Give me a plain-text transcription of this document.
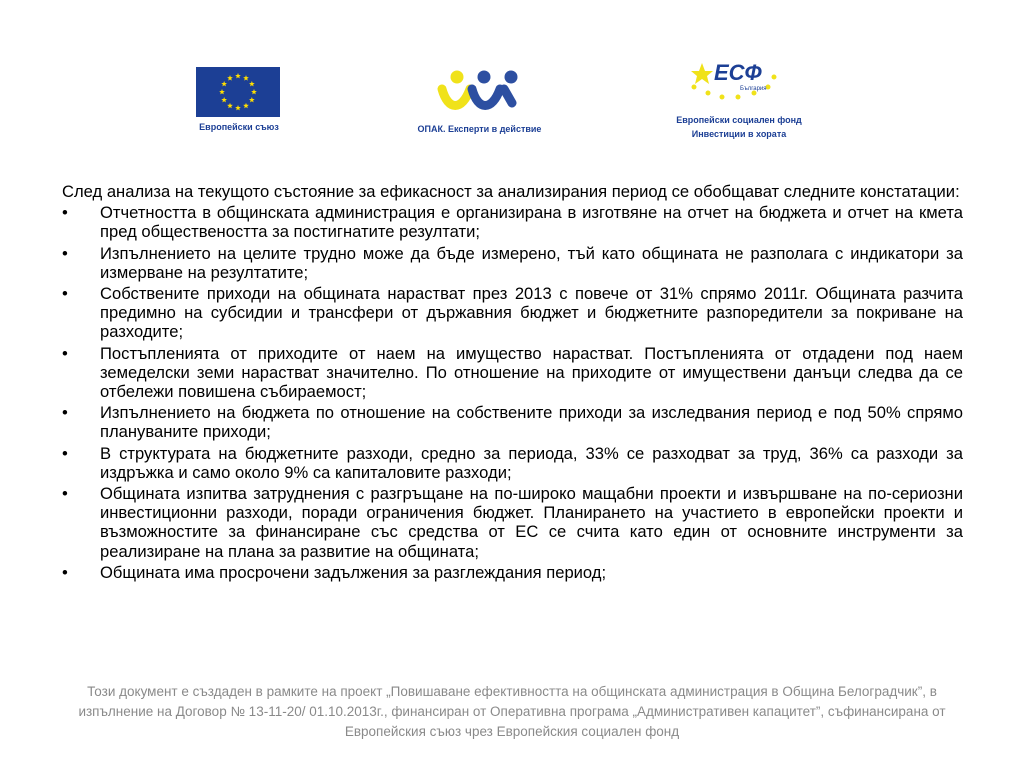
Европейски съюз	ОПАК. Експерти в действие
ЕСФ
България
Европейски социален фонд
Инвестиции в хората

След анализа на текущото състояние за ефикасност за анализирания период се обобщават следните констатации:

• Отчетността в общинската администрация е организирана в изготвяне на отчет на бюджета и отчет на кмета пред обществеността за постигнатите резултати;
• Изпълнението на целите трудно може да бъде измерено, тъй като общината не разполага с индикатори за измерване на резултатите;
• Собствените приходи на общината нарастват през 2013 с повече от 31% спрямо 2011г. Общината разчита предимно на субсидии и трансфери от държавния бюджет и бюджетните разпоредители за покриване на разходите;
• Постъпленията от приходите от наем на имущество нарастват. Постъпленията от отдадени под наем земеделски земи нарастват значително. По отношение на приходите от имуществени данъци следва да се отбележи повишена събираемост;
• Изпълнението на бюджета по отношение на собствените приходи за изследвания период е под 50% спрямо плануваните приходи;
• В структурата на бюджетните разходи, средно за периода, 33% се разходват за труд, 36% са разходи за издръжка и само около 9% са капиталовите разходи;
• Общината изпитва затруднения с разгръщане на по-широко мащабни проекти и извършване на по-сериозни инвестиционни разходи, поради ограничения бюджет. Планирането на участието в европейски проекти и възможностите за финансиране със средства от ЕС се счита като един от основните инструменти за реализиране на плана за развитие на общината;
• Общината има просрочени задължения за разглеждания период;
Този документ е създаден в рамките на проект „Повишаване ефективността на общинската администрация в Община Белоградчик”, в изпълнение на Договор № 13-11-20/ 01.10.2013г., финансиран от Оперативна програма „Административен капацитет”, съфинансирана от Европейския съюз чрез Европейския социален фонд
